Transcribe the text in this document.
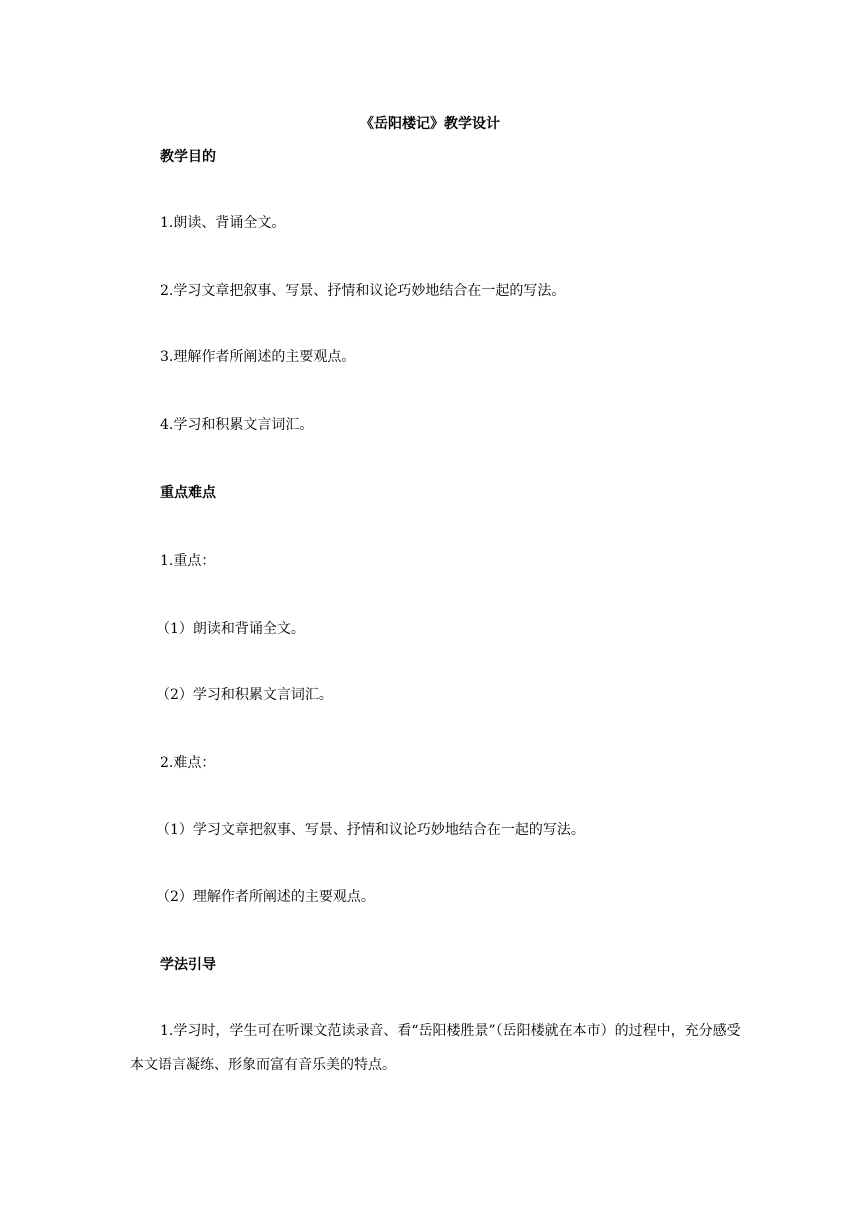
《岳阳楼记》教学设计
教学目的
1.朗读、背诵全文。
2.学习文章把叙事、写景、抒情和议论巧妙地结合在一起的写法。
3.理解作者所阐述的主要观点。
4.学习和积累文言词汇。
重点难点
1.重点：
（1）朗读和背诵全文。
（2）学习和积累文言词汇。
2.难点：
（1）学习文章把叙事、写景、抒情和议论巧妙地结合在一起的写法。
（2）理解作者所阐述的主要观点。
学法引导
1.学习时，学生可在听课文范读录音、看“岳阳楼胜景”（岳阳楼就在本市）的过程中，充分感受本文语言凝练、形象而富有音乐美的特点。
